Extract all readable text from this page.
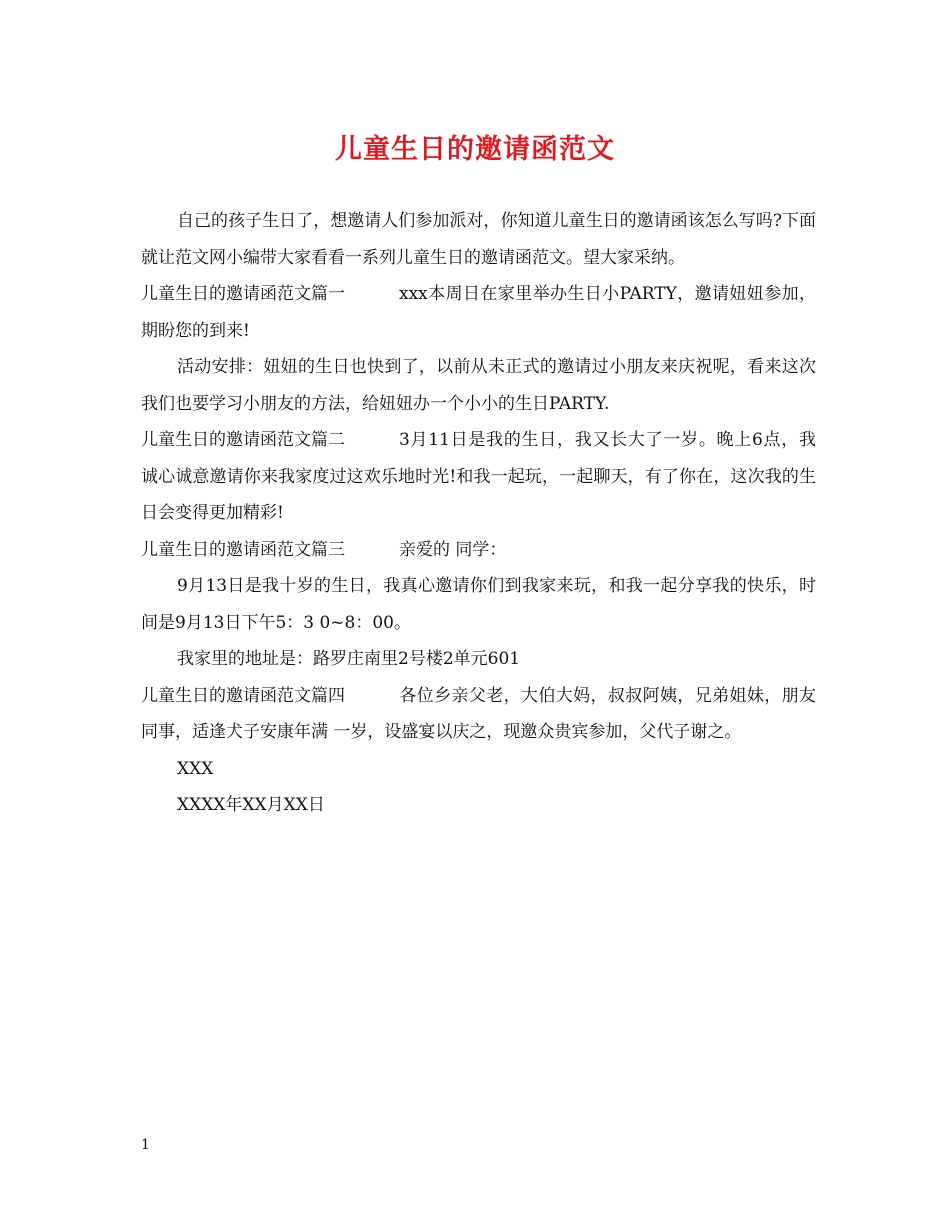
儿童生日的邀请函范文

自己的孩子生日了，想邀请人们参加派对，你知道儿童生日的邀请函该怎么写吗?下面就让范文网小编带大家看看一系列儿童生日的邀请函范文。望大家采纳。

儿童生日的邀请函范文篇一	xxx本周日在家里举办生日小PARTY，邀请妞妞参加，期盼您的到来!

活动安排：妞妞的生日也快到了，以前从未正式的邀请过小朋友来庆祝呢，看来这次我们也要学习小朋友的方法，给妞妞办一个小小的生日PARTY.

儿童生日的邀请函范文篇二	3月11日是我的生日，我又长大了一岁。晚上6点，我诚心诚意邀请你来我家度过这欢乐地时光!和我一起玩，一起聊天，有了你在，这次我的生日会变得更加精彩!

儿童生日的邀请函范文篇三	亲爱的 同学：

9月13日是我十岁的生日，我真心邀请你们到我家来玩，和我一起分享我的快乐，时间是9月13日下午5：3 0~8：00。

我家里的地址是：路罗庄南里2号楼2单元601

儿童生日的邀请函范文篇四	各位乡亲父老，大伯大妈，叔叔阿姨，兄弟姐妹，朋友同事，适逢犬子安康年满 一岁，设盛宴以庆之，现邀众贵宾参加，父代子谢之。

XXX

XXXX年XX月XX日

1
